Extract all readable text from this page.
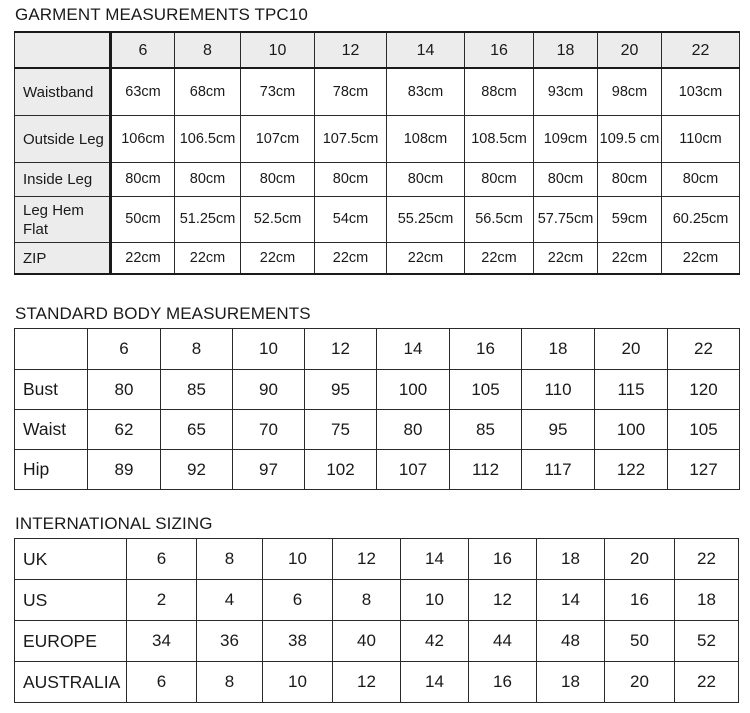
GARMENT MEASUREMENTS TPC10
	6	8	10	12	14	16	18	20	22
Waistband	63cm	68cm	73cm	78cm	83cm	88cm	93cm	98cm	103cm
Outside Leg	106cm	106.5cm	107cm	107.5cm	108cm	108.5cm	109cm	109.5 cm	110cm
Inside Leg	80cm	80cm	80cm	80cm	80cm	80cm	80cm	80cm	80cm
Leg Hem Flat	50cm	51.25cm	52.5cm	54cm	55.25cm	56.5cm	57.75cm	59cm	60.25cm
ZIP	22cm	22cm	22cm	22cm	22cm	22cm	22cm	22cm	22cm
STANDARD BODY MEASUREMENTS
	6	8	10	12	14	16	18	20	22
Bust	80	85	90	95	100	105	110	115	120
Waist	62	65	70	75	80	85	95	100	105
Hip	89	92	97	102	107	112	117	122	127
INTERNATIONAL SIZING
UK	6	8	10	12	14	16	18	20	22
US	2	4	6	8	10	12	14	16	18
EUROPE	34	36	38	40	42	44	48	50	52
AUSTRALIA	6	8	10	12	14	16	18	20	22
